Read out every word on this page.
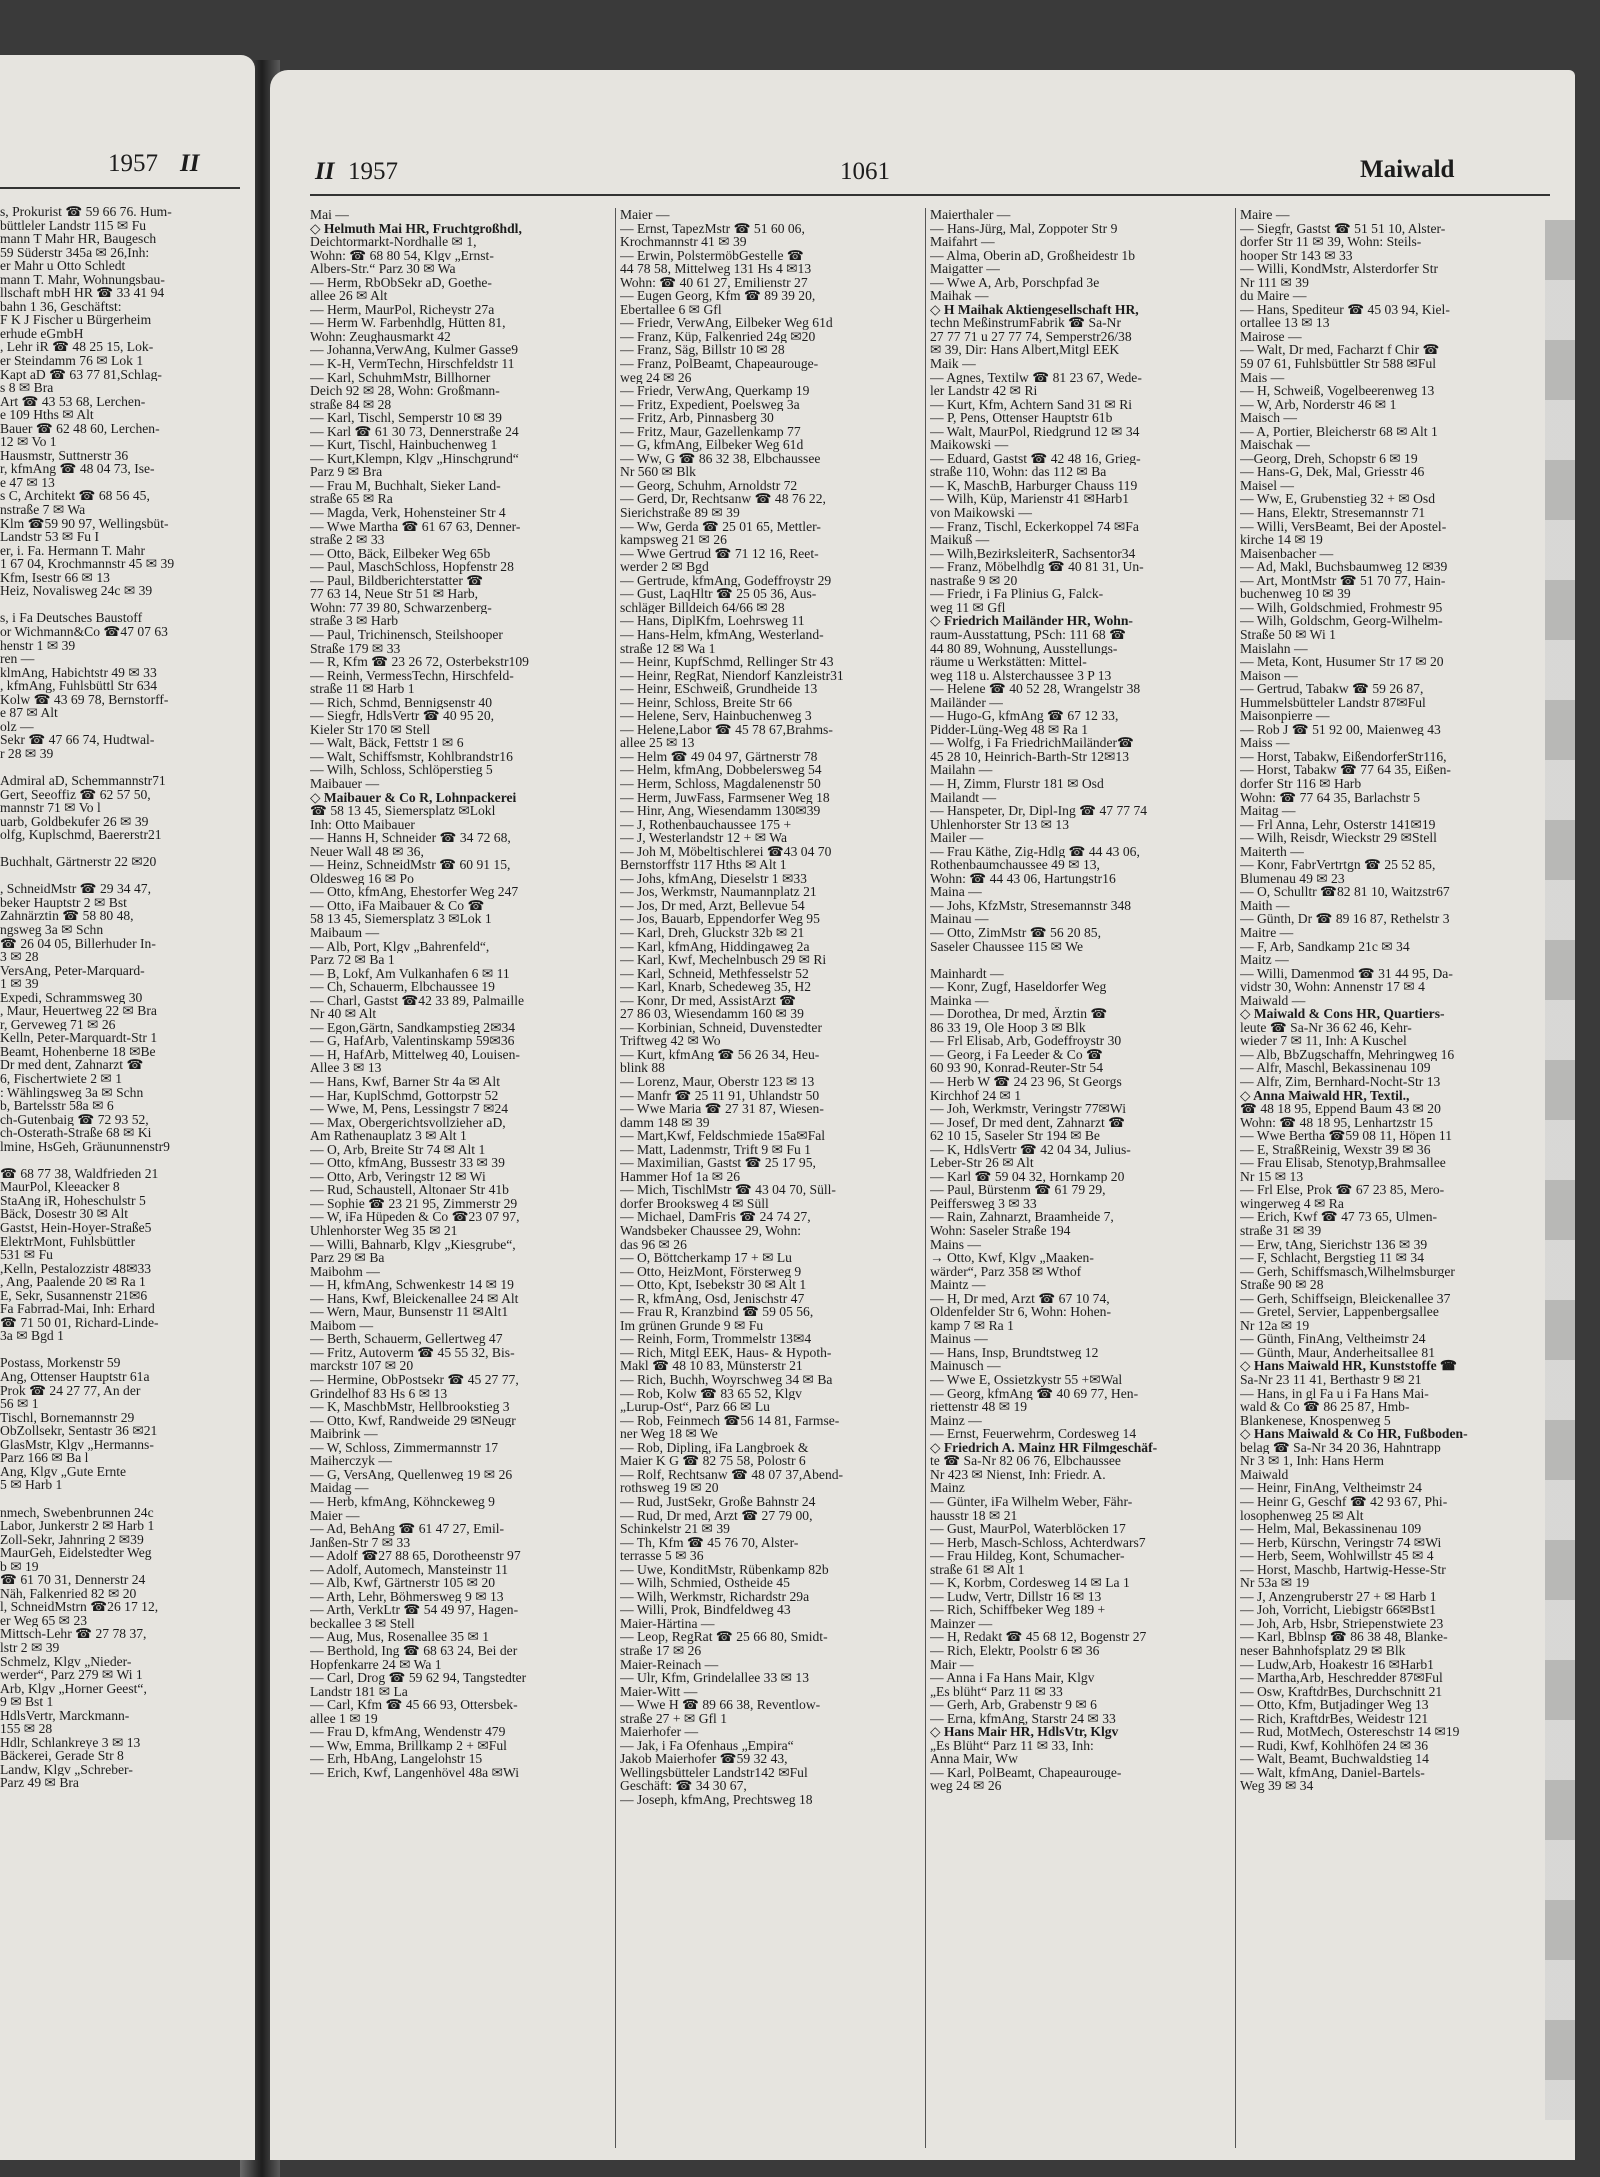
1957 II
s, Prokurist ☎ 59 66 76. Hum-
büttleler Landstr 115 ✉ Fu
mann T Mahr HR, Baugesch
59 Süderstr 345a ✉ 26,Inh:
er Mahr u Otto Schledt
mann T. Mahr, Wohnungsbau-
llschaft mbH HR ☎ 33 41 94
bahn 1 36, Geschäftst:
F K J Fischer u Bürgerheim
erhude eGmbH
, Lehr iR ☎ 48 25 15, Lok-
er Steindamm 76 ✉ Lok 1
Kapt aD ☎ 63 77 81,Schlag-
s 8 ✉ Bra
Art ☎ 43 53 68, Lerchen-
e 109 Hths ✉ Alt
Bauer ☎ 62 48 60, Lerchen-
12 ✉ Vo 1
Hausmstr, Suttnerstr 36
r, kfmAng ☎ 48 04 73, Ise-
e 47 ✉ 13
s C, Architekt ☎ 68 56 45,
nstraße 7 ✉ Wa
Klm ☎59 90 97, Wellingsbüt-
Landstr 53 ✉ Fu I
er, i. Fa. Hermann T. Mahr
1 67 04, Krochmannstr 45 ✉ 39
Kfm, Isestr 66 ✉ 13
Heiz, Novalisweg 24c ✉ 39

s, i Fa Deutsches Baustoff
or Wichmann&Co ☎47 07 63
henstr 1 ✉ 39
ren —
klmAng, Habichtstr 49 ✉ 33
, kfmAng, Fuhlsbüttl Str 634
Kolw ☎ 43 69 78, Bernstorff-
e 87 ✉ Alt
olz —
Sekr ☎ 47 66 74, Hudtwal-
r 28 ✉ 39

Admiral aD, Schemmannstr71
Gert, Seeoffiz ☎ 62 57 50,
mannstr 71 ✉ Vo l
uarb, Goldbekufer 26 ✉ 39
olfg, Kuplschmd, Baererstr21

Buchhalt, Gärtnerstr 22 ✉20

, SchneidMstr ☎ 29 34 47,
beker Hauptstr 2 ✉ Bst
Zahnärztin ☎ 58 80 48,
ngsweg 3a ✉ Schn
☎ 26 04 05, Billerhuder In-
3 ✉ 28
VersAng, Peter-Marquard-
1 ✉ 39
Expedi, Schrammsweg 30
, Maur, Heuertweg 22 ✉ Bra
r, Gerveweg 71 ✉ 26
Kelln, Peter-Marquardt-Str 1
Beamt, Hohenberne 18 ✉Be
Dr med dent, Zahnarzt ☎
6, Fischertwiete 2 ✉ 1
: Wählingsweg 3a ✉ Schn
b, Bartelsstr 58a ✉ 6
ch-Gutenbaig ☎ 72 93 52,
ch-Osterath-Straße 68 ✉ Ki
lmine, HsGeh, Gräununnenstr9

☎ 68 77 38, Waldfrieden 21
MaurPol, Kleeacker 8
StaAng iR, Hoheschulstr 5
Bäck, Dosestr 30 ✉ Alt
Gastst, Hein-Hoyer-Straße5
ElektrMont, Fuhlsbüttler
531 ✉ Fu
,Kelln, Pestalozzistr 48✉33
, Ang, Paalende 20 ✉ Ra 1
E, Sekr, Susannenstr 21✉6
Fa Fabrrad-Mai, Inh: Erhard
☎ 71 50 01, Richard-Linde-
3a ✉ Bgd 1

Postass, Morkenstr 59
Ang, Ottenser Hauptstr 61a
Prok ☎ 24 27 77, An der
56 ✉ 1
Tischl, Bornemannstr 29
ObZollsekr, Sentastr 36 ✉21
GlasMstr, Klgv „Hermanns-
Parz 166 ✉ Ba l
Ang, Klgv „Gute Ernte
5 ✉ Harb 1

nmech, Swebenbrunnen 24c
Labor, Junkerstr 2 ✉ Harb 1
Zoll-Sekr, Jahnring 2 ✉39
MaurGeh, Eidelstedter Weg
b ✉ 19
☎ 61 70 31, Dennerstr 24
Näh, Falkenried 82 ✉ 20
l, SchneidMstrn ☎26 17 12,
er Weg 65 ✉ 23
Mittsch-Lehr ☎ 27 78 37,
lstr 2 ✉ 39
Schmelz, Klgv „Nieder-
werder“, Parz 279 ✉ Wi 1
Arb, Klgv „Horner Geest“,
9 ✉ Bst 1
HdlsVertr, Marckmann-
155 ✉ 28
Hdlr, Schlankreye 3 ✉ 13
Bäckerei, Gerade Str 8
Landw, Klgv „Schreber-
Parz 49 ✉ Bra
II 1957	1061	Maiwald
Mai —
◇ Helmuth Mai HR, Fruchtgroßhdl,
Deichtormarkt-Nordhalle ✉ 1,
Wohn: ☎ 68 80 54, Klgv „Ernst-
Albers-Str.“ Parz 30 ✉ Wa
— Herm, RbObSekr aD, Goethe-
allee 26 ✉ Alt
— Herm, MaurPol, Richeystr 27a
— Herm W. Farbenhdlg, Hütten 81,
Wohn: Zeughausmarkt 42
— Johanna,VerwAng, Kulmer Gasse9
— K-H, VermTechn, Hirschfeldstr 11
— Karl, SchuhmMstr, Billhorner
Deich 92 ✉ 28, Wohn: Großmann-
straße 84 ✉ 28
— Karl, Tischl, Semperstr 10 ✉ 39
— Karl ☎ 61 30 73, Dennerstraße 24
— Kurt, Tischl, Hainbuchenweg 1
— Kurt,Klempn, Klgv „Hinschgrund“
Parz 9 ✉ Bra
— Frau M, Buchhalt, Sieker Land-
straße 65 ✉ Ra
— Magda, Verk, Hohensteiner Str 4
— Wwe Martha ☎ 61 67 63, Denner-
straße 2 ✉ 33
— Otto, Bäck, Eilbeker Weg 65b
— Paul, MaschSchloss, Hopfenstr 28
— Paul, Bildberichterstatter ☎
77 63 14, Neue Str 51 ✉ Harb,
Wohn: 77 39 80, Schwarzenberg-
straße 3 ✉ Harb
— Paul, Trichinensch, Steilshooper
Straße 179 ✉ 33
— R, Kfm ☎ 23 26 72, Osterbekstr109
— Reinh, VermessTechn, Hirschfeld-
straße 11 ✉ Harb 1
— Rich, Schmd, Bennigsenstr 40
— Siegfr, HdlsVertr ☎ 40 95 20,
Kieler Str 170 ✉ Stell
— Walt, Bäck, Fettstr 1 ✉ 6
— Walt, Schiffsmstr, Kohlbrandstr16
— Wilh, Schloss, Schlöperstieg 5
Maibauer —
◇ Maibauer & Co R, Lohnpackerei
☎ 58 13 45, Siemersplatz ✉Lokl
Inh: Otto Maibauer
— Hanns H, Schneider ☎ 34 72 68,
Neuer Wall 48 ✉ 36,
— Heinz, SchneidMstr ☎ 60 91 15,
Oldesweg 16 ✉ Po
— Otto, kfmAng, Ehestorfer Weg 247
— Otto, iFa Maibauer & Co ☎
58 13 45, Siemersplatz 3 ✉Lok 1
Maibaum —
— Alb, Port, Klgv „Bahrenfeld“,
Parz 72 ✉ Ba 1
— B, Lokf, Am Vulkanhafen 6 ✉ 11
— Ch, Schauerm, Elbchaussee 19
— Charl, Gastst ☎42 33 89, Palmaille
Nr 40 ✉ Alt
— Egon,Gärtn, Sandkampstieg 2✉34
— G, HafArb, Valentinskamp 59✉36
— H, HafArb, Mittelweg 40, Louisen-
Allee 3 ✉ 13
— Hans, Kwf, Barner Str 4a ✉ Alt
— Har, KuplSchmd, Gottorpstr 52
— Wwe, M, Pens, Lessingstr 7 ✉24
— Max, Obergerichtsvollzieher aD,
Am Rathenauplatz 3 ✉ Alt 1
— O, Arb, Breite Str 74 ✉ Alt 1
— Otto, kfmAng, Bussestr 33 ✉ 39
— Otto, Arb, Veringstr 12 ✉ Wi
— Rud, Schaustell, Altonaer Str 41b
— Sophie ☎ 23 21 95, Zimmerstr 29
— W, iFa Hüpeden & Co ☎23 07 97,
Uhlenhorster Weg 35 ✉ 21
— Willi, Bahnarb, Klgv „Kiesgrube“,
Parz 29 ✉ Ba
Maibohm —
— H, kfmAng, Schwenkestr 14 ✉ 19
— Hans, Kwf, Bleickenallee 24 ✉ Alt
— Wern, Maur, Bunsenstr 11 ✉Alt1
Maibom —
— Berth, Schauerm, Gellertweg 47
— Fritz, Autoverm ☎ 45 55 32, Bis-
marckstr 107 ✉ 20
— Hermine, ObPostsekr ☎ 45 27 77,
Grindelhof 83 Hs 6 ✉ 13
— K, MaschbMstr, Hellbrookstieg 3
— Otto, Kwf, Randweide 29 ✉Neugr
Maibrink —
— W, Schloss, Zimmermannstr 17
Maiherczyk —
— G, VersAng, Quellenweg 19 ✉ 26
Maidag —
— Herb, kfmAng, Köhnckeweg 9
Maier —
— Ad, BehAng ☎ 61 47 27, Emil-
Janßen-Str 7 ✉ 33
— Adolf ☎27 88 65, Dorotheenstr 97
— Adolf, Automech, Mansteinstr 11
— Alb, Kwf, Gärtnerstr 105 ✉ 20
— Arth, Lehr, Böhmersweg 9 ✉ 13
— Arth, VerkLtr ☎ 54 49 97, Hagen-
beckallee 3 ✉ Stell
— Aug, Mus, Rosenallee 35 ✉ 1
— Berthold, Ing ☎ 68 63 24, Bei der
Hopfenkarre 24 ✉ Wa 1
— Carl, Drog ☎ 59 62 94, Tangstedter
Landstr 181 ✉ La
— Carl, Kfm ☎ 45 66 93, Ottersbek-
allee 1 ✉ 19
— Frau D, kfmAng, Wendenstr 479
— Ww, Emma, Brillkamp 2 + ✉Ful
— Erh, HbAng, Langelohstr 15
— Erich, Kwf, Langenhövel 48a ✉Wi
Maier —
— Ernst, TapezMstr ☎ 51 60 06,
Krochmannstr 41 ✉ 39
— Erwin, PolstermöbGestelle ☎
44 78 58, Mittelweg 131 Hs 4 ✉13
Wohn: ☎ 40 61 27, Emilienstr 27
— Eugen Georg, Kfm ☎ 89 39 20,
Ebertallee 6 ✉ Gfl
— Friedr, VerwAng, Eilbeker Weg 61d
— Franz, Küp, Falkenried 24g ✉20
— Franz, Säg, Billstr 10 ✉ 28
— Franz, PolBeamt, Chapeaurouge-
weg 24 ✉ 26
— Friedr, VerwAng, Querkamp 19
— Fritz, Expedient, Poelsweg 3a
— Fritz, Arb, Pinnasberg 30
— Fritz, Maur, Gazellenkamp 77
— G, kfmAng, Eilbeker Weg 61d
— Ww, G ☎ 86 32 38, Elbchaussee
Nr 560 ✉ Blk
— Georg, Schuhm, Arnoldstr 72
— Gerd, Dr, Rechtsanw ☎ 48 76 22,
Sierichstraße 89 ✉ 39
— Ww, Gerda ☎ 25 01 65, Mettler-
kampsweg 21 ✉ 26
— Wwe Gertrud ☎ 71 12 16, Reet-
werder 2 ✉ Bgd
— Gertrude, kfmAng, Godeffroystr 29
— Gust, LaqHltr ☎ 25 05 36, Aus-
schläger Billdeich 64/66 ✉ 28
— Hans, DiplKfm, Loehrsweg 11
— Hans-Helm, kfmAng, Westerland-
straße 12 ✉ Wa 1
— Heinr, KupfSchmd, Rellinger Str 43
— Heinr, RegRat, Niendorf Kanzleistr31
— Heinr, ESchweiß, Grundheide 13
— Heinr, Schloss, Breite Str 66
— Helene, Serv, Hainbuchenweg 3
— Helene,Labor ☎ 45 78 67,Brahms-
allee 25 ✉ 13
— Helm ☎ 49 04 97, Gärtnerstr 78
— Helm, kfmAng, Dobbelersweg 54
— Herm, Schloss, Magdalenenstr 50
— Herm, JuwFass, Farmsener Weg 18
— Hinr, Ang, Wiesendamm 130✉39
— J, Rothenbauchaussee 175 +
— J, Westerlandstr 12 + ✉ Wa
— Joh M, Möbeltischlerei ☎43 04 70
Bernstorffstr 117 Hths ✉ Alt 1
— Johs, kfmAng, Dieselstr 1 ✉33
— Jos, Werkmstr, Naumannplatz 21
— Jos, Dr med, Arzt, Bellevue 54
— Jos, Bauarb, Eppendorfer Weg 95
— Karl, Dreh, Gluckstr 32b ✉ 21
— Karl, kfmAng, Hiddingaweg 2a
— Karl, Kwf, Mechelnbusch 29 ✉ Ri
— Karl, Schneid, Methfesselstr 52
— Karl, Knarb, Schedeweg 35, H2
— Konr, Dr med, AssistArzt ☎
27 86 03, Wiesendamm 160 ✉ 39
— Korbinian, Schneid, Duvenstedter
Triftweg 42 ✉ Wo
— Kurt, kfmAng ☎ 56 26 34, Heu-
blink 88
— Lorenz, Maur, Oberstr 123 ✉ 13
— Manfr ☎ 25 11 91, Uhlandstr 50
— Wwe Maria ☎ 27 31 87, Wiesen-
damm 148 ✉ 39
— Mart,Kwf, Feldschmiede 15a✉Fal
— Matt, Ladenmstr, Trift 9 ✉ Fu 1
— Maximilian, Gastst ☎ 25 17 95,
Hammer Hof 1a ✉ 26
— Mich, TischlMstr ☎ 43 04 70, Süll-
dorfer Brooksweg 4 ✉ Süll
— Michael, DamFris ☎ 24 74 27,
Wandsbeker Chaussee 29, Wohn:
das 96 ✉ 26
— O, Böttcherkamp 17 + ✉ Lu
— Otto, HeizMont, Försterweg 9
— Otto, Kpt, Isebekstr 30 ✉ Alt 1
— R, kfmAng, Osd, Jenischstr 47
— Frau R, Kranzbind ☎ 59 05 56,
Im grünen Grunde 9 ✉ Fu
— Reinh, Form, Trommelstr 13✉4
— Rich, Mitgl EEK, Haus- & Hypoth-
Makl ☎ 48 10 83, Münsterstr 21
— Rich, Buchh, Woyrschweg 34 ✉ Ba
— Rob, Kolw ☎ 83 65 52, Klgv
„Lurup-Ost“, Parz 66 ✉ Lu
— Rob, Feinmech ☎56 14 81, Farmse-
ner Weg 18 ✉ We
— Rob, Dipling, iFa Langbroek &
Maier K G ☎ 82 75 58, Polostr 6
— Rolf, Rechtsanw ☎ 48 07 37,Abend-
rothsweg 19 ✉ 20
— Rud, JustSekr, Große Bahnstr 24
— Rud, Dr med, Arzt ☎ 27 79 00,
Schinkelstr 21 ✉ 39
— Th, Kfm ☎ 45 76 70, Alster-
terrasse 5 ✉ 36
— Uwe, KonditMstr, Rübenkamp 82b
— Wilh, Schmied, Ostheide 45
— Wilh, Werkmstr, Richardstr 29a
— Willi, Prok, Bindfeldweg 43
Maier-Härtina —
— Leop, RegRat ☎ 25 66 80, Smidt-
straße 17 ✉ 26
Maier-Reinach —
— Ulr, Kfm, Grindelallee 33 ✉ 13
Maier-Witt —
— Wwe H ☎ 89 66 38, Reventlow-
straße 27 + ✉ Gfl 1
Maierhofer —
— Jak, i Fa Ofenhaus „Empira“
Jakob Maierhofer ☎59 32 43,
Wellingsbütteler Landstr142 ✉Ful
Geschäft: ☎ 34 30 67,
— Joseph, kfmAng, Prechtsweg 18
Maierthaler —
— Hans-Jürg, Mal, Zoppoter Str 9
Maifahrt —
— Alma, Oberin aD, Großheidestr 1b
Maigatter —
— Wwe A, Arb, Porschpfad 3e
Maihak —
◇ H Maihak Aktiengesellschaft HR,
techn MeßinstrumFabrik ☎ Sa-Nr
27 77 71 u 27 77 74, Semperstr26/38
✉ 39, Dir: Hans Albert,Mitgl EEK
Maik —
— Agnes, Textilw ☎ 81 23 67, Wede-
ler Landstr 42 ✉ Ri
— Kurt, Kfm, Achtern Sand 31 ✉ Ri
— P, Pens, Ottenser Hauptstr 61b
— Walt, MaurPol, Riedgrund 12 ✉ 34
Maikowski —
— Eduard, Gastst ☎ 42 48 16, Grieg-
straße 110, Wohn: das 112 ✉ Ba
— K, MaschB, Harburger Chauss 119
— Wilh, Küp, Marienstr 41 ✉Harb1
von Maikowski —
— Franz, Tischl, Eckerkoppel 74 ✉Fa
Maikuß —
— Wilh,BezirksleiterR, Sachsentor34
— Franz, Möbelhdlg ☎ 40 81 31, Un-
nastraße 9 ✉ 20
— Friedr, i Fa Plinius G, Falck-
weg 11 ✉ Gfl
◇ Friedrich Mailänder HR, Wohn-
raum-Ausstattung, PSch: 111 68 ☎
44 80 89, Wohnung, Ausstellungs-
räume u Werkstätten: Mittel-
weg 118 u. Alsterchaussee 3 P 13
— Helene ☎ 40 52 28, Wrangelstr 38
Mailänder —
— Hugo-G, kfmAng ☎ 67 12 33,
Pidder-Lüng-Weg 48 ✉ Ra 1
— Wolfg, i Fa FriedrichMailänder☎
45 28 10, Heinrich-Barth-Str 12✉13
Mailahn —
— H, Zimm, Flurstr 181 ✉ Osd
Mailandt —
— Hanspeter, Dr, Dipl-Ing ☎ 47 77 74
Uhlenhorster Str 13 ✉ 13
Mailer —
— Frau Käthe, Zig-Hdlg ☎ 44 43 06,
Rothenbaumchaussee 49 ✉ 13,
Wohn: ☎ 44 43 06, Hartungstr16
Maina —
— Johs, KfzMstr, Stresemannstr 348
Mainau —
— Otto, ZimMstr ☎ 56 20 85,
Saseler Chaussee 115 ✉ We

Mainhardt —
— Konr, Zugf, Haseldorfer Weg
Mainka —
— Dorothea, Dr med, Ärztin ☎
86 33 19, Ole Hoop 3 ✉ Blk
— Frl Elisab, Arb, Godeffroystr 30
— Georg, i Fa Leeder & Co ☎
60 93 90, Konrad-Reuter-Str 54
— Herb W ☎ 24 23 96, St Georgs
Kirchhof 24 ✉ 1
— Joh, Werkmstr, Veringstr 77✉Wi
— Josef, Dr med dent, Zahnarzt ☎
62 10 15, Saseler Str 194 ✉ Be
— K, HdlsVertr ☎ 42 04 34, Julius-
Leber-Str 26 ✉ Alt
— Karl ☎ 59 04 32, Hornkamp 20
— Paul, Bürstenm ☎ 61 79 29,
Peiffersweg 3 ✉ 33
— Rain, Zahnarzt, Braamheide 7,
Wohn: Saseler Straße 194
Mains —
→ Otto, Kwf, Klgv „Maaken-
wärder“, Parz 358 ✉ Wthof
Maintz —
— H, Dr med, Arzt ☎ 67 10 74,
Oldenfelder Str 6, Wohn: Hohen-
kamp 7 ✉ Ra 1
Mainus —
— Hans, Insp, Brundtstweg 12
Mainusch —
— Wwe E, Ossietzkystr 55 +✉Wal
— Georg, kfmAng ☎ 40 69 77, Hen-
riettenstr 48 ✉ 19
Mainz —
— Ernst, Feuerwehrm, Cordesweg 14
◇ Friedrich A. Mainz HR Filmgeschäf-
te ☎ Sa-Nr 82 06 76, Elbchaussee
Nr 423 ✉ Nienst, Inh: Friedr. A.
Mainz
— Günter, iFa Wilhelm Weber, Fähr-
hausstr 18 ✉ 21
— Gust, MaurPol, Waterblöcken 17
— Herb, Masch-Schloss, Achterdwars7
— Frau Hildeg, Kont, Schumacher-
straße 61 ✉ Alt 1
— K, Korbm, Cordesweg 14 ✉ La 1
— Ludw, Vertr, Dillstr 16 ✉ 13
— Rich, Schiffbeker Weg 189 +
Mainzer —
— H, Redakt ☎ 45 68 12, Bogenstr 27
— Rich, Elektr, Poolstr 6 ✉ 36
Mair —
— Anna i Fa Hans Mair, Klgv
„Es blüht“ Parz 11 ✉ 33
— Gerh, Arb, Grabenstr 9 ✉ 6
— Erna, kfmAng, Starstr 24 ✉ 33
◇ Hans Mair HR, HdlsVtr, Klgv
„Es Blüht“ Parz 11 ✉ 33, Inh:
Anna Mair, Ww
— Karl, PolBeamt, Chapeaurouge-
weg 24 ✉ 26
Maire —
— Siegfr, Gastst ☎ 51 51 10, Alster-
dorfer Str 11 ✉ 39, Wohn: Steils-
hooper Str 143 ✉ 33
— Willi, KondMstr, Alsterdorfer Str
Nr 111 ✉ 39
du Maire —
— Hans, Spediteur ☎ 45 03 94, Kiel-
ortallee 13 ✉ 13
Mairose —
— Walt, Dr med, Facharzt f Chir ☎
59 07 61, Fuhlsbüttler Str 588 ✉Ful
Mais —
— H, Schweiß, Vogelbeerenweg 13
— W, Arb, Norderstr 46 ✉ 1
Maisch —
— A, Portier, Bleicherstr 68 ✉ Alt 1
Maischak —
—Georg, Dreh, Schopstr 6 ✉ 19
— Hans-G, Dek, Mal, Griesstr 46
Maisel —
— Ww, E, Grubenstieg 32 + ✉ Osd
— Hans, Elektr, Stresemannstr 71
— Willi, VersBeamt, Bei der Apostel-
kirche 14 ✉ 19
Maisenbacher —
— Ad, Makl, Buchsbaumweg 12 ✉39
— Art, MontMstr ☎ 51 70 77, Hain-
buchenweg 10 ✉ 39
— Wilh, Goldschmied, Frohmestr 95
— Wilh, Goldschm, Georg-Wilhelm-
Straße 50 ✉ Wi 1
Maislahn —
— Meta, Kont, Husumer Str 17 ✉ 20
Maison —
— Gertrud, Tabakw ☎ 59 26 87,
Hummelsbütteler Landstr 87✉Ful
Maisonpierre —
— Rob J ☎ 51 92 00, Maienweg 43
Maiss —
— Horst, Tabakw, EißendorferStr116,
— Horst, Tabakw ☎ 77 64 35, Eißen-
dorfer Str 116 ✉ Harb
Wohn: ☎ 77 64 35, Barlachstr 5
Maitag —
— Frl Anna, Lehr, Osterstr 141✉19
— Wilh, Reisdr, Wieckstr 29 ✉Stell
Maiterth —
— Konr, FabrVertrtgn ☎ 25 52 85,
Blumenau 49 ✉ 23
— O, Schulltr ☎82 81 10, Waitzstr67
Maith —
— Günth, Dr ☎ 89 16 87, Rethelstr 3
Maitre —
— F, Arb, Sandkamp 21c ✉ 34
Maitz —
— Willi, Damenmod ☎ 31 44 95, Da-
vidstr 30, Wohn: Annenstr 17 ✉ 4
Maiwald —
◇ Maiwald & Cons HR, Quartiers-
leute ☎ Sa-Nr 36 62 46, Kehr-
wieder 7 ✉ 11, Inh: A Kuschel
— Alb, BbZugschaffn, Mehringweg 16
— Alfr, Maschl, Bekassinenau 109
— Alfr, Zim, Bernhard-Nocht-Str 13
◇ Anna Maiwald HR, Textil.,
☎ 48 18 95, Eppend Baum 43 ✉ 20
Wohn: ☎ 48 18 95, Lenhartzstr 15
— Wwe Bertha ☎59 08 11, Höpen 11
— E, StraßReinig, Wexstr 39 ✉ 36
— Frau Elisab, Stenotyp,Brahmsallee
Nr 15 ✉ 13
— Frl Else, Prok ☎ 67 23 85, Mero-
wingerweg 4 ✉ Ra
— Erich, Kwf ☎ 47 73 65, Ulmen-
straße 31 ✉ 39
— Erw, tAng, Sierichstr 136 ✉ 39
— F, Schlacht, Bergstieg 11 ✉ 34
— Gerh, Schiffsmasch,Wilhelmsburger
Straße 90 ✉ 28
— Gerh, Schiffseign, Bleickenallee 37
— Gretel, Servier, Lappenbergsallee
Nr 12a ✉ 19
— Günth, FinAng, Veltheimstr 24
— Günth, Maur, Anderheitsallee 81
◇ Hans Maiwald HR, Kunststoffe ☎
Sa-Nr 23 11 41, Berthastr 9 ✉ 21
— Hans, in gl Fa u i Fa Hans Mai-
wald & Co ☎ 86 25 87, Hmb-
Blankenese, Knospenweg 5
◇ Hans Maiwald & Co HR, Fußboden-
belag ☎ Sa-Nr 34 20 36, Hahntrapp
Nr 3 ✉ 1, Inh: Hans Herm
Maiwald
— Heinr, FinAng, Veltheimstr 24
— Heinr G, Geschf ☎ 42 93 67, Phi-
losophenweg 25 ✉ Alt
— Helm, Mal, Bekassinenau 109
— Herb, Kürschn, Veringstr 74 ✉Wi
— Herb, Seem, Wohlwillstr 45 ✉ 4
— Horst, Maschb, Hartwig-Hesse-Str
Nr 53a ✉ 19
— J, Anzengruberstr 27 + ✉ Harb 1
— Joh, Vorricht, Liebigstr 66✉Bst1
— Joh, Arb, Hsbr, Striepenstwiete 23
— Karl, Bblnsp ☎ 86 38 48, Blanke-
neser Bahnhofsplatz 29 ✉ Blk
— Ludw,Arb, Hoakestr 16 ✉Harb1
— Martha,Arb, Heschredder 87✉Ful
— Osw, KraftdrBes, Durchschnitt 21
— Otto, Kfm, Butjadinger Weg 13
— Rich, KraftdrBes, Weidestr 121
— Rud, MotMech, Ostereschstr 14 ✉19
— Rudi, Kwf, Kohlhöfen 24 ✉ 36
— Walt, Beamt, Buchwaldstieg 14
— Walt, kfmAng, Daniel-Bartels-
Weg 39 ✉ 34
